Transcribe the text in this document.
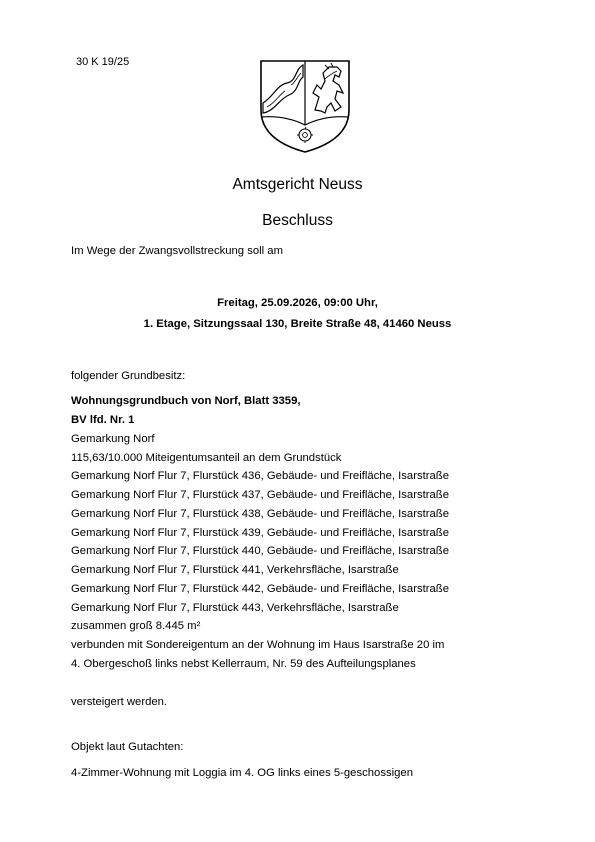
30 K 19/25
Amtsgericht Neuss
Beschluss
Im Wege der Zwangsvollstreckung soll am
Freitag, 25.09.2026, 09:00 Uhr,
1. Etage, Sitzungssaal 130, Breite Straße 48, 41460 Neuss
folgender Grundbesitz:
Wohnungsgrundbuch von Norf, Blatt 3359,
BV lfd. Nr. 1
Gemarkung Norf
115,63/10.000 Miteigentumsanteil an dem Grundstück
Gemarkung Norf Flur 7, Flurstück 436, Gebäude- und Freifläche, Isarstraße
Gemarkung Norf Flur 7, Flurstück 437, Gebäude- und Freifläche, Isarstraße
Gemarkung Norf Flur 7, Flurstück 438, Gebäude- und Freifläche, Isarstraße
Gemarkung Norf Flur 7, Flurstück 439, Gebäude- und Freifläche, Isarstraße
Gemarkung Norf Flur 7, Flurstück 440, Gebäude- und Freifläche, Isarstraße
Gemarkung Norf Flur 7, Flurstück 441, Verkehrsfläche, Isarstraße
Gemarkung Norf Flur 7, Flurstück 442, Gebäude- und Freifläche, Isarstraße
Gemarkung Norf Flur 7, Flurstück 443, Verkehrsfläche, Isarstraße
zusammen groß 8.445 m²
verbunden mit Sondereigentum an der Wohnung im Haus Isarstraße 20 im
4. Obergeschoß links nebst Kellerraum, Nr. 59 des Aufteilungsplanes
versteigert werden.
Objekt laut Gutachten:
4-Zimmer-Wohnung mit Loggia im 4. OG links eines 5-geschossigen
